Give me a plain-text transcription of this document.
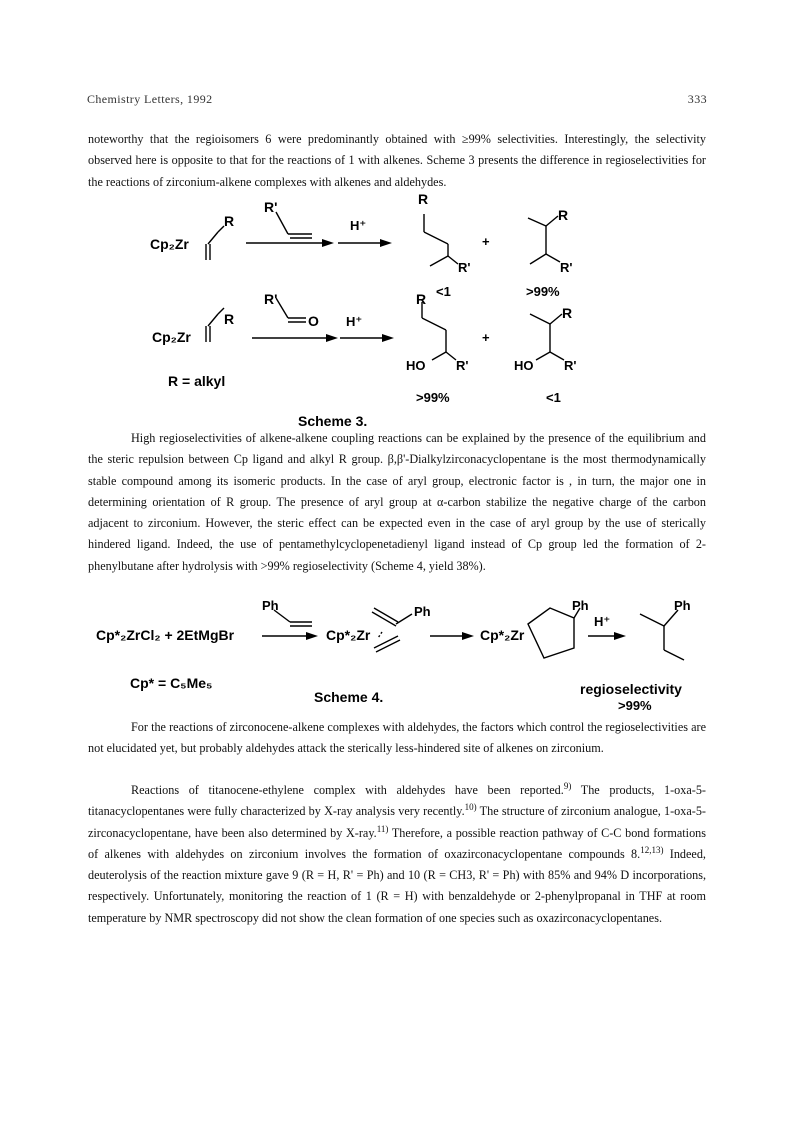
Chemistry Letters, 1992	333

noteworthy that the regioisomers 6 were predominantly obtained with ≥99% selectivities. Interestingly, the selectivity observed here is opposite to that for the reactions of 1 with alkenes. Scheme 3 presents the difference in regioselectivities for the reactions of zirconium-alkene complexes with alkenes and aldehydes.

Cp₂Zr
R
R'
H⁺
R
R'
+
R
R'
<1	>99%
Cp₂Zr
R
R'
O H⁺
R
HO R'
+
R
HO R'
R = alkyl
>99%	<1
Scheme 3.

High regioselectivities of alkene-alkene coupling reactions can be explained by the presence of the equilibrium and the steric repulsion between Cp ligand and alkyl R group. β,β'-Dialkylzirconacyclopentane is the most thermodynamically stable compound among its isomeric products. In the case of aryl group, electronic factor is , in turn, the major one in determining orientation of R group. The presence of aryl group at α-carbon stabilize the negative charge of the carbon adjacent to zirconium. However, the steric effect can be expected even in the case of aryl group by the use of sterically hindered ligand. Indeed, the use of pentamethylcyclopenetadienyl ligand instead of Cp group led the formation of 2-phenylbutane after hydrolysis with >99% regioselectivity (Scheme 4, yield 38%).

Cp*₂ZrCl₂ + 2EtMgBr
Ph
Cp*₂Zr
Ph
Cp*₂Zr
Ph
H⁺
Ph
Cp* = C₅Me₅
Scheme 4.	regioselectivity
>99%

For the reactions of zirconocene-alkene complexes with aldehydes, the factors which control the regioselectivities are not elucidated yet, but probably aldehydes attack the sterically less-hindered site of alkenes on zirconium.

Reactions of titanocene-ethylene complex with aldehydes have been reported.$^{9)}$ The products, 1-oxa-5-titanacyclopentanes were fully characterized by X-ray analysis very recently.$^{10)}$ The structure of zirconium analogue, 1-oxa-5-zirconacyclopentane, have been also determined by X-ray.$^{11)}$ Therefore, a possible reaction pathway of C-C bond formations of alkenes with aldehydes on zirconium involves the formation of oxazirconacyclopentane compounds 8.$^{12,13)}$ Indeed, deuterolysis of the reaction mixture gave 9 (R = H, R' = Ph) and 10 (R = CH3, R' = Ph) with 85% and 94% D incorporations, respectively. Unfortunately, monitoring the reaction of 1 (R = H) with benzaldehyde or 2-phenylpropanal in THF at room temperature by NMR spectroscopy did not show the clean formation of one species such as oxazirconacyclopentanes.
